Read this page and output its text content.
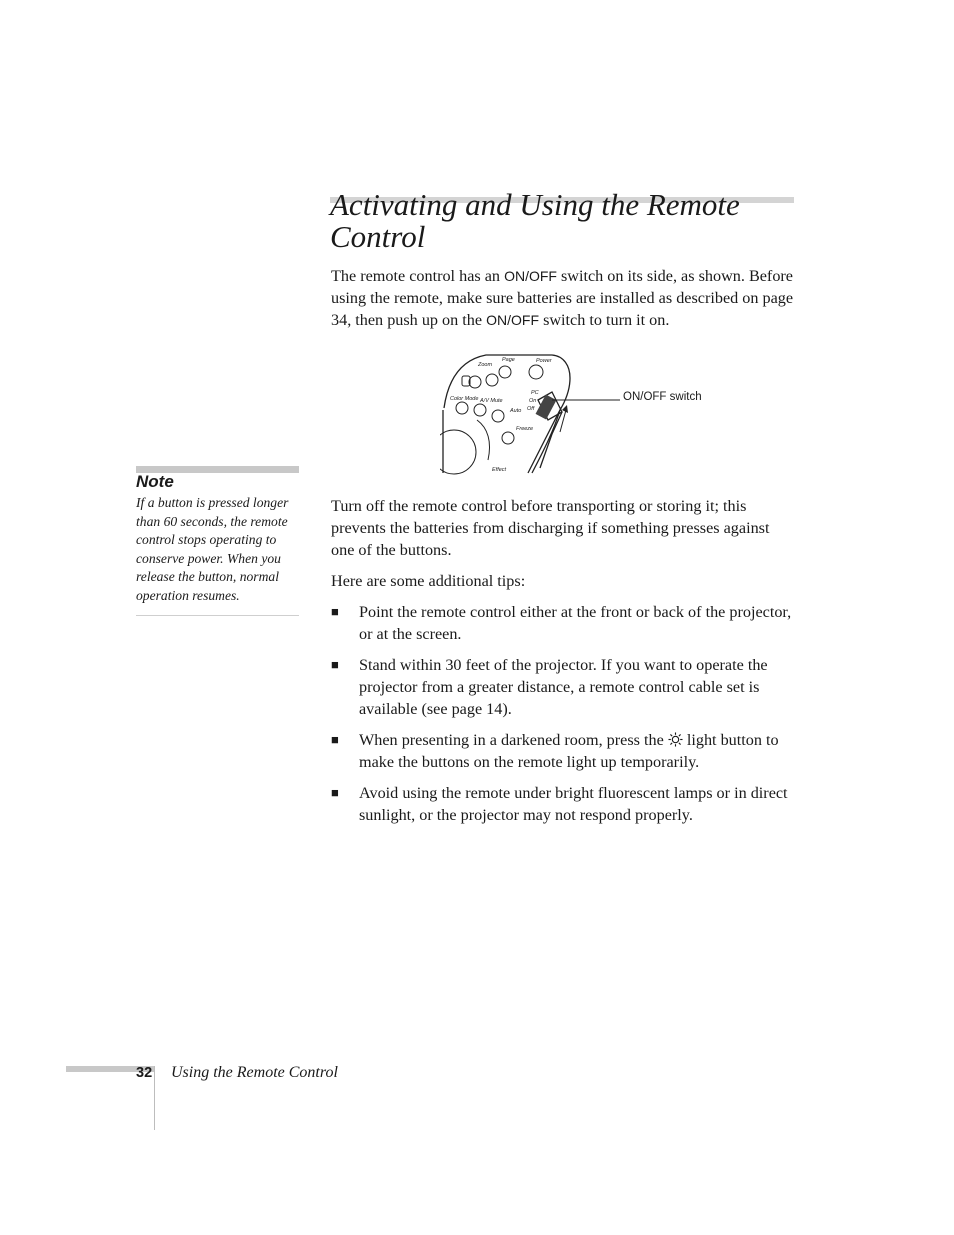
Activating and Using the Remote Control

The remote control has an ON/OFF switch on its side, as shown. Before using the remote, make sure batteries are installed as described on page 34, then push up on the ON/OFF switch to turn it on.

Zoom
Page	Power
Color Mode A/V Mute
Auto
Freeze
Effect
PC
On
Off

ON/OFF switch

Note

If a button is pressed longer than 60 seconds, the remote control stops operating to conserve power. When you release the button, normal operation resumes.

Turn off the remote control before transporting or storing it; this prevents the batteries from discharging if something presses against one of the buttons.

Here are some additional tips:

■ Point the remote control either at the front or back of the projector, or at the screen.

■ Stand within 30 feet of the projector. If you want to operate the projector from a greater distance, a remote control cable set is available (see page 14).

■ When presenting in a darkened room, press the  light button to make the buttons on the remote light up temporarily.

■ Avoid using the remote under bright fluorescent lamps or in direct sunlight, or the projector may not respond properly.

32 Using the Remote Control
